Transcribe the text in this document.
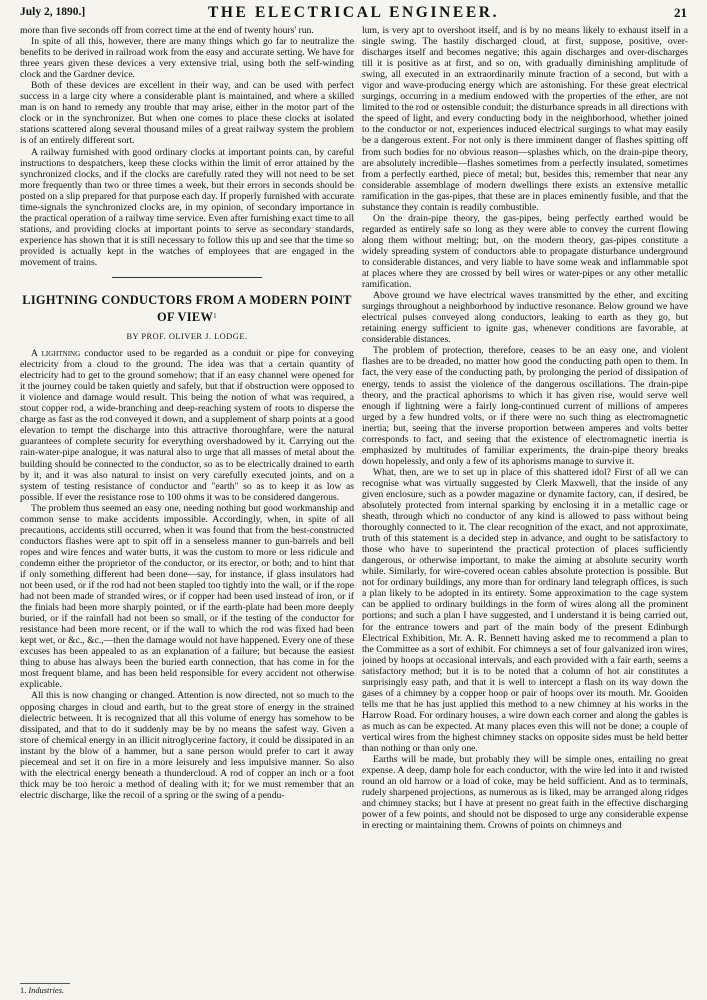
July 2, 1890.]	THE ELECTRICAL ENGINEER.	21

more than five seconds off from correct time at the end of twenty hours' run.

In spite of all this, however, there are many things which go far to neutralize the benefits to be derived in railroad work from the easy and accurate setting. We have for three years given these devices a very extensive trial, using both the self-winding clock and the Gardner device.

Both of these devices are excellent in their way, and can be used with perfect success in a large city where a considerable plant is maintained, and where a skilled man is on hand to remedy any trouble that may arise, either in the motor part of the clock or in the synchronizer. But when one comes to place these clocks at isolated stations scattered along several thousand miles of a great railway system the problem is of an entirely different sort.

A railway furnished with good ordinary clocks at important points can, by careful instructions to despatchers, keep these clocks within the limit of error attained by the synchronized clocks, and if the clocks are carefully rated they will not need to be set more frequently than two or three times a week, but their errors in seconds should be posted on a slip prepared for that purpose each day. If properly furnished with accurate time-signals the synchronized clocks are, in my opinion, of secondary importance in the practical operation of a railway time service. Even after furnishing exact time to all stations, and providing clocks at important points to serve as secondary standards, experience has shown that it is still necessary to follow this up and see that the time so provided is actually kept in the watches of employees that are engaged in the movement of trains.

LIGHTNING CONDUCTORS FROM A MODERN POINT OF VIEW$^1$
BY PROF. OLIVER J. LODGE.

A lightning conductor used to be regarded as a conduit or pipe for conveying electricity from a cloud to the ground. The idea was that a certain quantity of electricity had to get to the ground somehow; that if an easy channel were opened for it the journey could be taken quietly and safely, but that if obstruction were opposed to it violence and damage would result. This being the notion of what was required, a stout copper rod, a wide-branching and deep-reaching system of roots to disperse the charge as fast as the rod conveyed it down, and a supplement of sharp points at a good elevation to tempt the discharge into this attractive thoroughfare, were the natural guarantees of complete security for everything overshadowed by it. Carrying out the rain-water-pipe analogue, it was natural also to urge that all masses of metal about the building should be connected to the conductor, so as to be electrically drained to earth by it, and it was also natural to insist on very carefully executed joints, and on a system of testing resistance of conductor and "earth" so as to keep it as low as possible. If ever the resistance rose to 100 ohms it was to be considered dangerous.

The problem thus seemed an easy one, needing nothing but good workmanship and common sense to make accidents impossible. Accordingly, when, in spite of all precautions, accidents still occurred, when it was found that from the best-constructed conductors flashes were apt to spit off in a senseless manner to gun-barrels and bell ropes and wire fences and water butts, it was the custom to more or less ridicule and condemn either the proprietor of the conductor, or its erector, or both; and to hint that if only something different had been done—say, for instance, if glass insulators had not been used, or if the rod had not been stapled too tightly into the wall, or if the rope had not been made of stranded wires, or if copper had been used instead of iron, or if the finials had been more sharply pointed, or if the earth-plate had been more deeply buried, or if the rainfall had not been so small, or if the testing of the conductor for resistance had been more recent, or if the wall to which the rod was fixed had been kept wet, or &c., &c.,—then the damage would not have happened. Every one of these excuses has been appealed to as an explanation of a failure; but because the easiest thing to abuse has always been the buried earth connection, that has come in for the most frequent blame, and has been held responsible for every accident not otherwise explicable.

All this is now changing or changed. Attention is now directed, not so much to the opposing charges in cloud and earth, but to the great store of energy in the strained dielectric between. It is recognized that all this volume of energy has somehow to be dissipated, and that to do it suddenly may be by no means the safest way. Given a store of chemical energy in an illicit nitroglycerine factory, it could be dissipated in an instant by the blow of a hammer, but a sane person would prefer to cart it away piecemeal and set it on fire in a more leisurely and less impulsive manner. So also with the electrical energy beneath a thundercloud. A rod of copper an inch or a foot thick may be too heroic a method of dealing with it; for we must remember that an electric discharge, like the recoil of a spring or the swing of a pendu-

lum, is very apt to overshoot itself, and is by no means likely to exhaust itself in a single swing. The hastily discharged cloud, at first, suppose, positive, over-discharges itself and becomes negative; this again discharges and over-discharges till it is positive as at first, and so on, with gradually diminishing amplitude of swing, all executed in an extraordinarily minute fraction of a second, but with a vigor and wave-producing energy which are astonishing. For these great electrical surgings, occurring in a medium endowed with the properties of the ether, are not limited to the rod or ostensible conduit; the disturbance spreads in all directions with the speed of light, and every conducting body in the neighborhood, whether joined to the conductor or not, experiences induced electrical surgings to what may easily be a dangerous extent. For not only is there imminent danger of flashes spitting off from such bodies for no obvious reason—splashes which, on the drain-pipe theory, are absolutely incredible—flashes sometimes from a perfectly insulated, sometimes from a perfectly earthed, piece of metal; but, besides this, remember that near any considerable assemblage of modern dwellings there exists an extensive metallic ramification in the gas-pipes, that these are in places eminently fusible, and that the substance they contain is readily combustible.

On the drain-pipe theory, the gas-pipes, being perfectly earthed would be regarded as entirely safe so long as they were able to convey the current flowing along them without melting; but, on the modern theory, gas-pipes constitute a widely spreading system of conductors able to propagate disturbance underground to considerable distances, and very liable to have some weak and inflammable spot at places where they are crossed by bell wires or water-pipes or any other metallic ramification.

Above ground we have electrical waves transmitted by the ether, and exciting surgings throughout a neighborhood by inductive resonance. Below ground we have electrical pulses conveyed along conductors, leaking to earth as they go, but retaining energy sufficient to ignite gas, whenever conditions are favorable, at considerable distances.

The problem of protection, therefore, ceases to be an easy one, and violent flashes are to be dreaded, no matter how good the conducting path open to them. In fact, the very ease of the conducting path, by prolonging the period of dissipation of energy, tends to assist the violence of the dangerous oscillations. The drain-pipe theory, and the practical aphorisms to which it has given rise, would serve well enough if lightning were a fairly long-continued current of millions of amperes urged by a few hundred volts, or if there were no such thing as electromagnetic inertia; but, seeing that the inverse proportion between amperes and volts better corresponds to fact, and seeing that the existence of electromagnetic inertia is emphasized by multitudes of familiar experiments, the drain-pipe theory breaks down hopelessly, and only a few of its aphorisms manage to survive it.

What, then, are we to set up in place of this shattered idol? First of all we can recognise what was virtually suggested by Clerk Maxwell, that the inside of any given enclosure, such as a powder magazine or dynamite factory, can, if desired, be absolutely protected from internal sparking by enclosing it in a metallic cage or sheath, through which no conductor of any kind is allowed to pass without being thoroughly connected to it. The clear recognition of the exact, and not approximate, truth of this statement is a decided step in advance, and ought to be satisfactory to those who have to superintend the practical protection of places sufficiently dangerous, or otherwise important, to make the aiming at absolute security worth while. Similarly, for wire-covered ocean cables absolute protection is possible. But not for ordinary buildings, any more than for ordinary land telegraph offices, is such a plan likely to be adopted in its entirety. Some approximation to the cage system can be applied to ordinary buildings in the form of wires along all the prominent portions; and such a plan I have suggested, and I understand it is being carried out, for the entrance towers and part of the main body of the present Edinburgh Electrical Exhibition, Mr. A. R. Bennett having asked me to recommend a plan to the Committee as a sort of exhibit. For chimneys a set of four galvanized iron wires, joined by hoops at occasional intervals, and each provided with a fair earth, seems a satisfactory method; but it is to be noted that a column of hot air constitutes a surprisingly easy path, and that it is well to intercept a flash on its way down the gases of a chimney by a copper hoop or pair of hoops over its mouth. Mr. Gooiden tells me that he has just applied this method to a new chimney at his works in the Harrow Road. For ordinary houses, a wire down each corner and along the gables is as much as can be expected. At many places even this will not be done; a couple of vertical wires from the highest chimney stacks on opposite sides must be held better than nothing or than only one.

Earths will be made, but probably they will be simple ones, entailing no great expense. A deep, damp hole for each conductor, with the wire led into it and twisted round an old harrow or a load of coke, may be held sufficient. And as to terminals, rudely sharpened projections, as numerous as is liked, may be arranged along ridges and chimney stacks; but I have at present no great faith in the effective discharging power of a few points, and should not be disposed to urge any considerable expense in erecting or maintaining them. Crowns of points on chimneys and

1. Industries.
